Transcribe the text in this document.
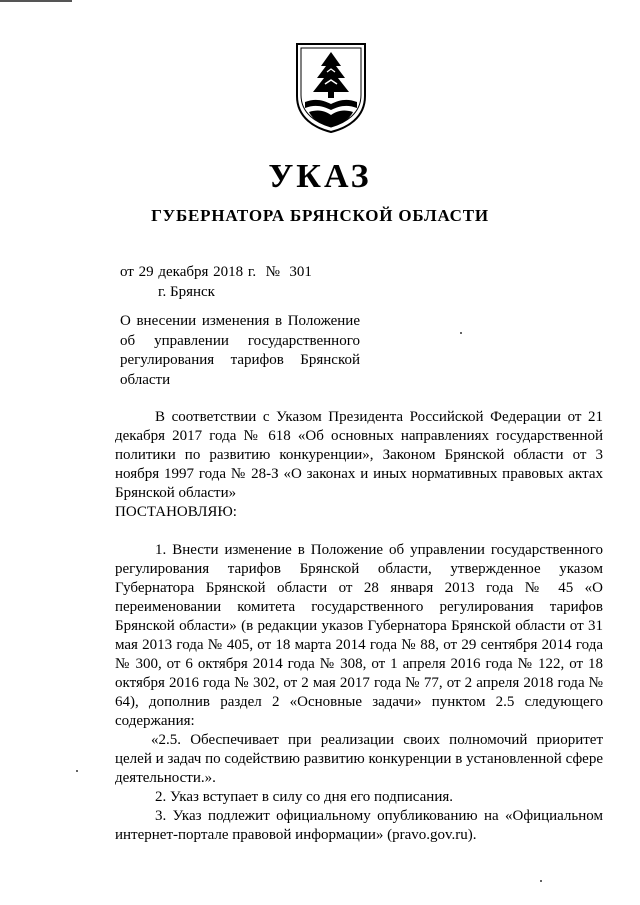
УКАЗ
ГУБЕРНАТОРА БРЯНСКОЙ ОБЛАСТИ
от 29 декабря 2018 г. № 301
г. Брянск

О внесении изменения в Положение об управлении государственного регулирования тарифов Брянской области

В соответствии с Указом Президента Российской Федерации от 21 декабря 2017 года № 618 «Об основных направлениях государственной политики по развитию конкуренции», Законом Брянской области от 3 ноября 1997 года № 28-З «О законах и иных нормативных правовых актах Брянской области»

ПОСТАНОВЛЯЮ:

1. Внести изменение в Положение об управлении государственного регулирования тарифов Брянской области, утвержденное указом Губернатора Брянской области от 28 января 2013 года № 45 «О переименовании комитета государственного регулирования тарифов Брянской области» (в редакции указов Губернатора Брянской области от 31 мая 2013 года № 405, от 18 марта 2014 года № 88, от 29 сентября 2014 года № 300, от 6 октября 2014 года № 308, от 1 апреля 2016 года № 122, от 18 октября 2016 года № 302, от 2 мая 2017 года № 77, от 2 апреля 2018 года № 64), дополнив раздел 2 «Основные задачи» пунктом 2.5 следующего содержания:

«2.5. Обеспечивает при реализации своих полномочий приоритет целей и задач по содействию развитию конкуренции в установленной сфере деятельности.».

2. Указ вступает в силу со дня его подписания.

3. Указ подлежит официальному опубликованию на «Официальном интернет-портале правовой информации» (pravo.gov.ru).
